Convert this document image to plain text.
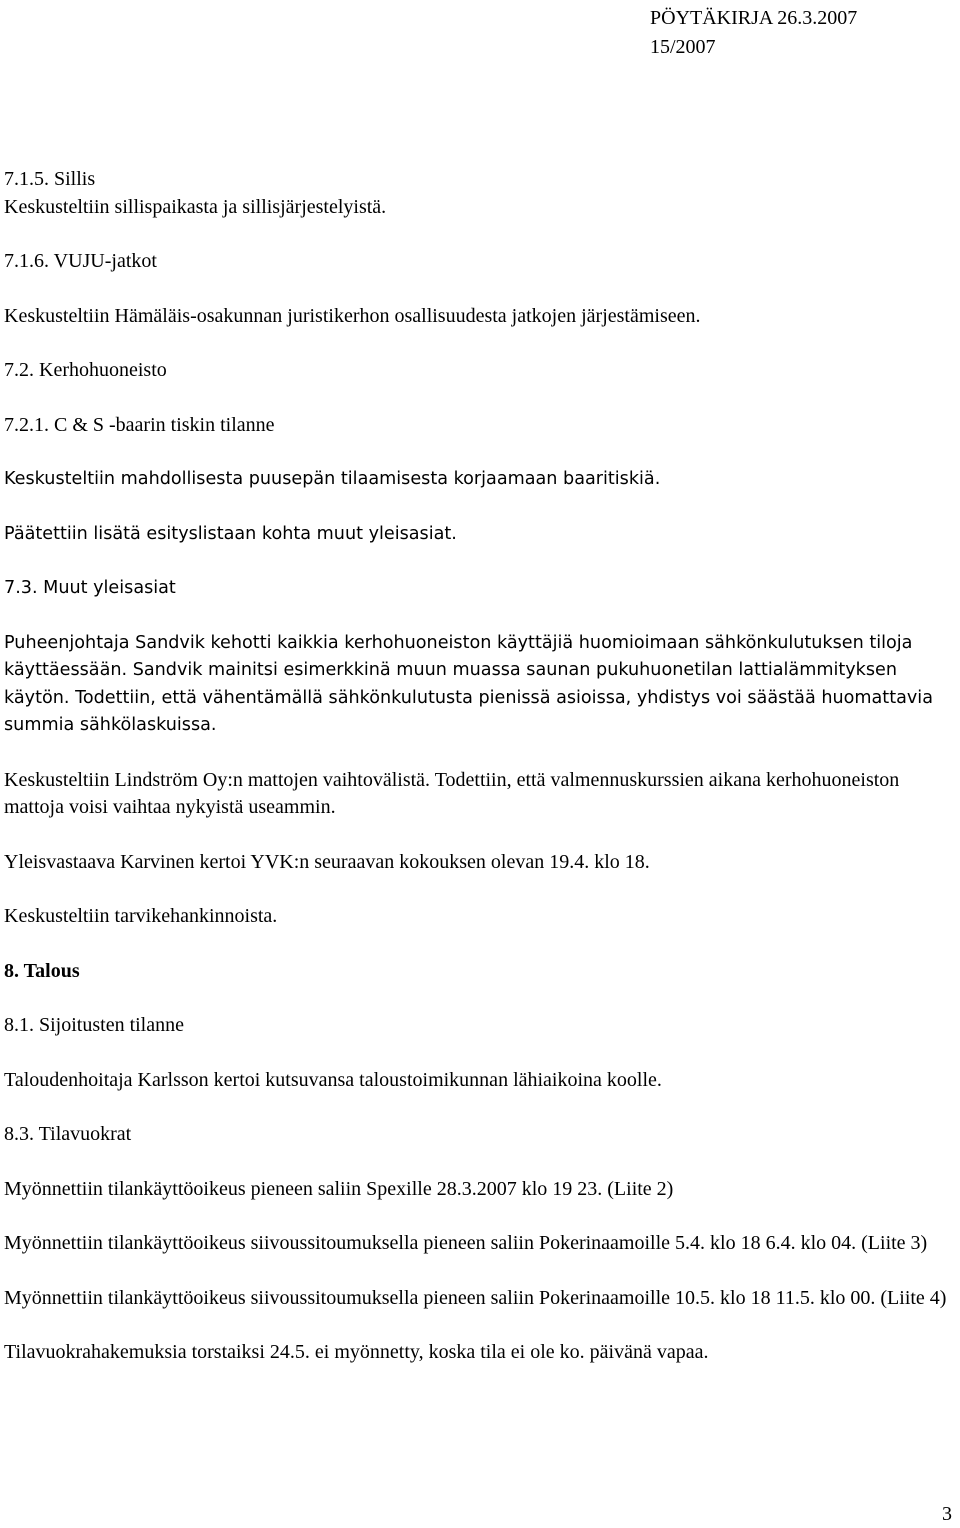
PÖYTÄKIRJA 26.3.2007
15/2007
7.1.5. Sillis
Keskusteltiin sillispaikasta ja sillisjärjestelyistä.
7.1.6. VUJU-jatkot
Keskusteltiin Hämäläis-osakunnan juristikerhon osallisuudesta jatkojen järjestämiseen.
7.2. Kerhohuoneisto
7.2.1. C & S -baarin tiskin tilanne
Keskusteltiin mahdollisesta puusepän tilaamisesta korjaamaan baaritiskiä.
Päätettiin lisätä esityslistaan kohta muut yleisasiat.
7.3. Muut yleisasiat
Puheenjohtaja Sandvik kehotti kaikkia kerhohuoneiston käyttäjiä huomioimaan sähkönkulutuksen tiloja käyttäessään. Sandvik mainitsi esimerkkinä muun muassa saunan pukuhuonetilan lattialämmityksen käytön. Todettiin, että vähentämällä sähkönkulutusta pienissä asioissa, yhdistys voi säästää huomattavia summia sähkölaskuissa.
Keskusteltiin Lindström Oy:n mattojen vaihtovälistä. Todettiin, että valmennuskurssien aikana kerhohuoneiston mattoja voisi vaihtaa nykyistä useammin.
Yleisvastaava Karvinen kertoi YVK:n seuraavan kokouksen olevan 19.4. klo 18.
Keskusteltiin tarvikehankinnoista.
8. Talous
8.1. Sijoitusten tilanne
Taloudenhoitaja Karlsson kertoi kutsuvansa taloustoimikunnan lähiaikoina koolle.
8.3. Tilavuokrat
Myönnettiin tilankäyttöoikeus pieneen saliin Spexille 28.3.2007 klo 19 23. (Liite 2)
Myönnettiin tilankäyttöoikeus siivoussitoumuksella pieneen saliin Pokerinaamoille 5.4. klo 18 6.4. klo 04. (Liite 3)
Myönnettiin tilankäyttöoikeus siivoussitoumuksella pieneen saliin Pokerinaamoille 10.5. klo 18 11.5. klo 00. (Liite 4)
Tilavuokrahakemuksia torstaiksi 24.5. ei myönnetty, koska tila ei ole ko. päivänä vapaa.
3
